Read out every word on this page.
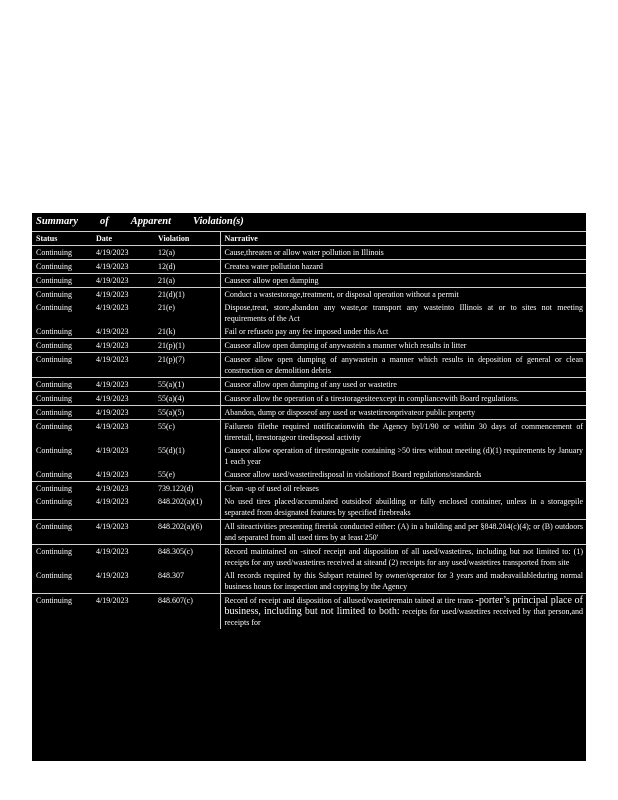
Summary of Apparent Violation(s)
Status	Date	Violation	Narrative
Continuing	4/19/2023	12(a)	Cause,threaten or allow water pollution in Illinois
Continuing	4/19/2023	12(d)	Createa water pollution hazard
Continuing	4/19/2023	21(a)	Causeor allow open dumping
Continuing	4/19/2023	21(d)(1)	Conduct a wastestorage,treatment, or disposal operation without a permit
Continuing	4/19/2023	21(e)	Dispose,treat, store,abandon any waste,or transport any wasteinto Illinois at or to sites not meeting requirements of the Act
Continuing	4/19/2023	21(k)	Fail or refuseto pay any fee imposed under this Act
Continuing	4/19/2023	21(p)(1)	Causeor allow open dumping of anywastein a manner which results in litter
Continuing	4/19/2023	21(p)(7)	Causeor allow open dumping of anywastein a manner which results in deposition of general or clean construction or demolition debris
Continuing	4/19/2023	55(a)(1)	Causeor allow open dumping of any used or wastetire
Continuing	4/19/2023	55(a)(4)	Causeor allow the operation of a tirestoragesiteexcept in compliancewith Board regulations.
Continuing	4/19/2023	55(a)(5)	Abandon, dump or disposeof any used or wastetireonprivateor public property
Continuing	4/19/2023	55(c)	Failureto filethe required notificationwith the Agency byl/1/90 or within 30 days of commencement of tireretail, tirestorageor tiredisposal activity
Continuing	4/19/2023	55(d)(1)	Causeor allow operation of tirestoragesite containing >50 tires without meeting (d)(1) requirements by January 1 each year
Continuing	4/19/2023	55(e)	Causeor allow used/wastetiredisposal in violationof Board regulations/standards
Continuing	4/19/2023	739.122(d)	Clean -up of used oil releases
Continuing	4/19/2023	848.202(a)(1)	No used tires placed/accumulated outsideof abuilding or fully enclosed container, unless in a storagepile separated from designated features by specified firebreaks
Continuing	4/19/2023	848.202(a)(6)	All siteactivities presenting firerisk conducted either: (A) in a building and per §848.204(c)(4); or (B) outdoors and separated from all used tires by at least 250'
Continuing	4/19/2023	848.305(c)	Record maintained on -siteof receipt and disposition of all used/wastetires, including but not limited to: (1) receipts for any used/wastetires received at siteand (2) receipts for any used/wastetires transported from site
Continuing	4/19/2023	848.307	All records required by this Subpart retained by owner/operator for 3 years and madeavailableduring normal business hours for inspection and copying by the Agency
Continuing	4/19/2023	848.607(c)	Record of receipt and disposition of allused/wastetiremain tained at tire trans -porter’s principal place of business, including but not limited to both: receipts for used/wastetires received by that person,and receipts for
